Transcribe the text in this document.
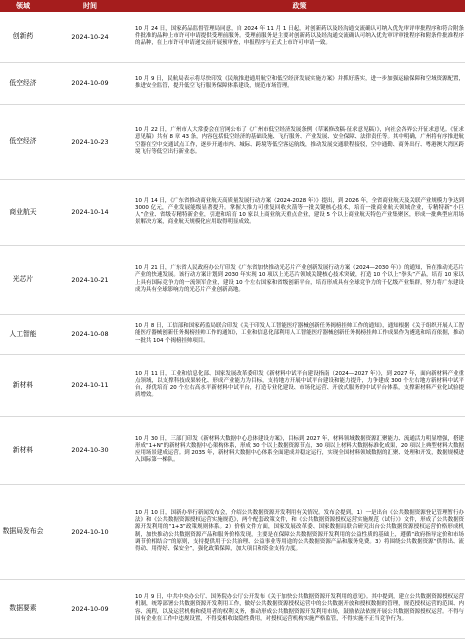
领域	时间	政策
创新药	2024-10-24	10 月 24 日，国家药品监督管理局同意，自 2024 年 11 月 1 日起，对创新药以及经沟通交流确认可纳入优先审评审批程序和符合附条件批准的品种上市许可申请提供受理前服务。受理前服务是主要对创新药以及经沟通交流确认可纳入优先审评审批程序和附条件批准程序的品种，在上市许可申请递交前开展预审查，申报程序与正式上市许可申请一致。
低空经济	2024-10-09	10 月 9 日，民航局表示将尽快印发《民航推进通用航空和低空经济发展实施方案》并抓好落实，进一步加强运输保障和空域资源配置，推进安全监管，提升低空飞行服务保障体系建设，规范市场管理。
低空经济	2024-10-23	10 月 22 日，广州市人大常委会在官网公布了《广州市低空经济发展条例（草案修改稿·征求意见稿）》，向社会各界公开征求意见。《征求意见稿》共有 8 章 43 条，内容包括低空经济的基础设施、飞行服务、产业发展、安全保障、法律责任等。其中明确，广州将有序推进航空器在空中交通试点工作，逐步开通市内、城际、跨境等低空客运航线，推动发展交通联程接驳，空中通勤、商务出行、粤港澳大湾区跨境飞行等低空出行新业态。
商业航天	2024-10-14	10 月 14 日，《广东省推动商业航天高质量发展行动方案（2024-2028 年）》提出，到 2026 年，全省商业航天及关联产业规模力争达到 3000 亿元，产业发展能级显著提升。掌握大推力可重复回收火箭等一批关键核心技术，培育一批商业航天领域企业，专精特新“小巨人”企业、省级专精特新企业，引进和培育 10 家以上商业航天重点企业，建设 5 个以上商业航天特色产业集聚区，形成一批典型应用场景解决方案，商业航天规模化应用取得明显成效。
光芯片	2024-10-21	10 月 21 日，广东省人民政府办公厅印发《广东省加快推动光芯片产业创新发展行动方案（2024—2030 年）》的通知，旨在推动光芯片产业的快速发展。该行动方案计划到 2030 年实现 10 项以上光芯片领域关键核心技术突破，打造 10 个以上“拳头”产品，培育 10 家以上具有国际竞争力的一流领军企业，建设 10 个左右国家和省级创新平台，培育形成具有全球竞争力的千亿级产业集群，努力将广东建设成为具有全球影响力的光芯片产业创新高地。
人工智能	2024-10-08	10 月 8 日，工信部和国家药监局联合印发《关于印发人工智能医疗器械创新任务揭榜挂帅工作的通知》，通知根据《关于组织开展人工智能医疗器械创新任务揭榜挂帅工作的通知》，工业和信息化部利用人工智能医疗器械创新任务揭榜挂帅工作成果作为遴选和培育依据，推动一批共 104 个揭榜挂帅项目。
新材料	2024-10-11	10 月 11 日，工业和信息化部、国家发展改革委印发《新材料中试平台建设指南（2024—2027 年）》，到 2027 年，面向新材料产业重点领域，以支撑科技成果转化、形成产业能力为目标，支持地方开展中试平台建设和能力提升，力争建成 300 个左右地方新材料中试平台，择优培育 20 个左右高水平新材料中试平台，打造专业化建设、市场化运营、开放式服务的中试平台体系，支撑新材料产业化试验提质增效。
新材料	2024-10-30	10 月 30 日，三部门印发《新材料大数据中心总体建设方案》，目标到 2027 年，材料领域数据资源汇聚能力、流通活力明显增强，搭建形成“1+N”的新材料大数据中心架构体系，形成 30 个以上数据资源节点，30 项以上材料大数据标准化成果，20 项以上典型材料大数据应用场景建成运营。到 2035 年，新材料大数据中心体系全面建成并稳定运行，实现全国材料领域数据的汇聚、处理和开发，数据规模进入国际第一梯队。
数据局发布会	2024-10-10	10 月 10 日，国新办举行新闻发布会，介绍公共数据资源开发利用有关情况。发布会提到，1）一是出台《公共数据资源登记管理暂行办法》和《公共数据资源授权运营实施规范》，两个配套政策文件，和《公共数据资源授权运营实施规范（试行）》文件，形成了公共数据资源开发利用的“1+3”政策规则体系。2）价格文件方面，国家发展改革委、国家数据局联合研究出台公共数据资源授权运营价格形成机制，加快推动公共数据资源产品和服务价格发现，主要是在保障公共数据资源开发利用的公益性质的基础上，遵循“政府指导定价和市场调节价相结合”的原则，支持提供用于公共治理、公益事业等用途的公共数据资源产品和服务免费。3）将围绕公共数据资源“供得出、流得动、用得好、保安全”，强化政策保障，加大项目和资金支持力度。
数据要素	2024-10-09	10 月 9 日，中共中央办公厅、国务院办公厅公开发布《关于加快公共数据资源开发利用的意见》。其中提到，建立公共数据资源授权运营机制，统筹部署公共数据资源开发利用工作，做好公共数据资源授权运营中的公共数据开放和授权数据的管理，规范授权运营的范围、内容、流程，以及运营机构和使用者的权利义务，推动形成公共数据资源开发利用市场，鼓励依法依规开展公共数据资源授权运营。不得与国有企业在工作中违规设置，不得变相收取隐性费用，对授权运营机构实施严格监管，不得实施不正当竞争行为。
